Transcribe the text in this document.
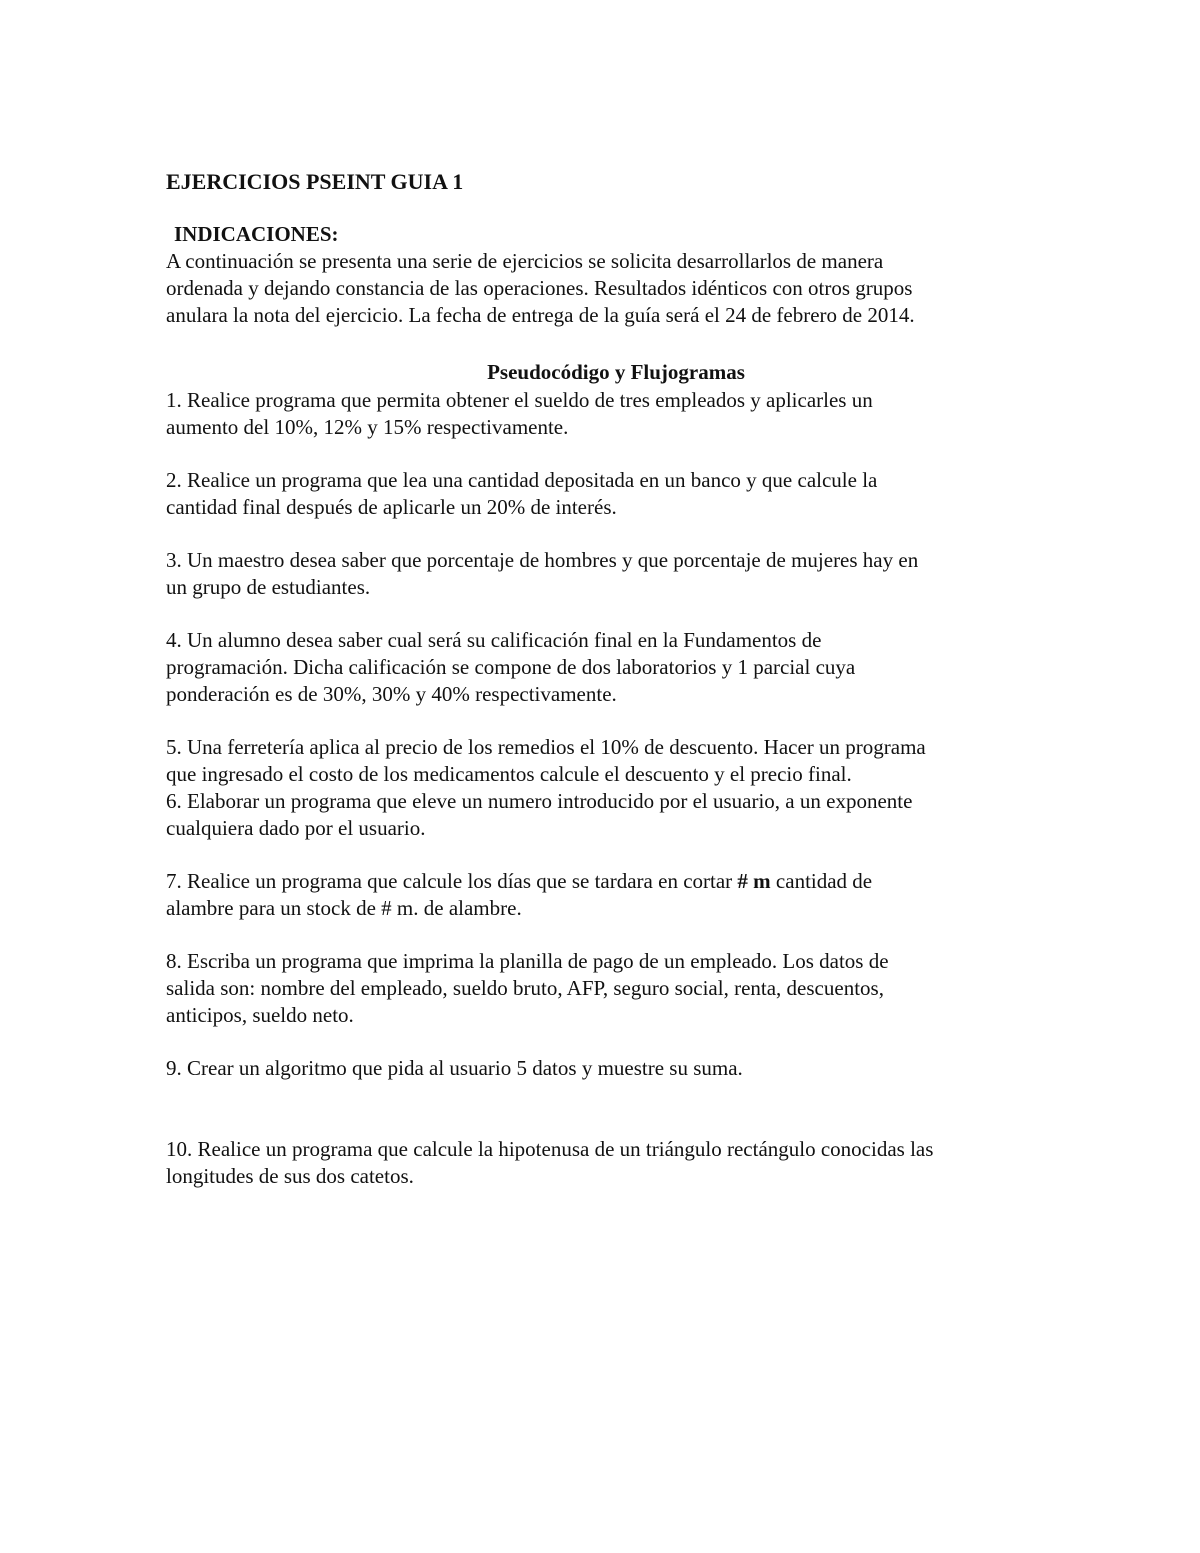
EJERCICIOS PSEINT GUIA 1
INDICACIONES:

A continuación se presenta una serie de ejercicios se solicita desarrollarlos de manera

ordenada y dejando constancia de las operaciones. Resultados idénticos con otros grupos

anulara la nota del ejercicio. La fecha de entrega de la guía será el 24 de febrero de 2014.

Pseudocódigo y Flujogramas
1. Realice programa que permita obtener el sueldo de tres empleados y aplicarles un
aumento del 10%, 12% y 15% respectivamente.
2. Realice un programa que lea una cantidad depositada en un banco y que calcule la
cantidad final después de aplicarle un 20% de interés.
3. Un maestro desea saber que porcentaje de hombres y que porcentaje de mujeres hay en
un grupo de estudiantes.
4. Un alumno desea saber cual será su calificación final en la Fundamentos de
programación. Dicha calificación se compone de dos laboratorios y 1 parcial cuya
ponderación es de 30%, 30% y 40% respectivamente.
5. Una ferretería aplica al precio de los remedios el 10% de descuento. Hacer un programa
que ingresado el costo de los medicamentos calcule el descuento y el precio final.
6. Elaborar un programa que eleve un numero introducido por el usuario, a un exponente
cualquiera dado por el usuario.
7. Realice un programa que calcule los días que se tardara en cortar # m cantidad de
alambre para un stock de # m. de alambre.
8. Escriba un programa que imprima la planilla de pago de un empleado. Los datos de
salida son: nombre del empleado, sueldo bruto, AFP, seguro social, renta, descuentos,
anticipos, sueldo neto.
9. Crear un algoritmo que pida al usuario 5 datos y muestre su suma.
10. Realice un programa que calcule la hipotenusa de un triángulo rectángulo conocidas las
longitudes de sus dos catetos.
